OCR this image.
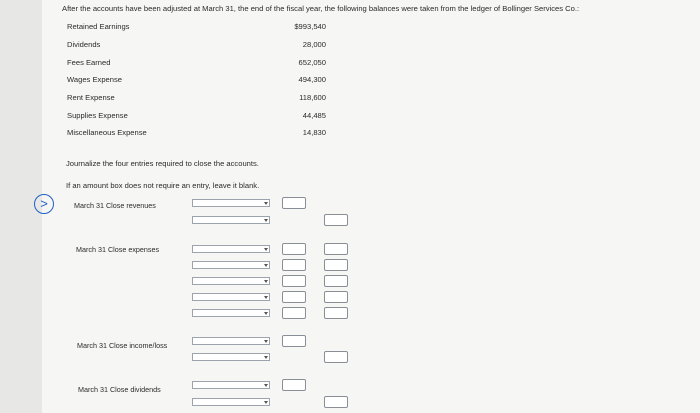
After the accounts have been adjusted at March 31, the end of the fiscal year, the following balances were taken from the ledger of Bollinger Services Co.:
Retained Earnings	$993,540
Dividends	28,000
Fees Earned	652,050
Wages Expense	494,300
Rent Expense	118,600
Supplies Expense	44,485
Miscellaneous Expense	14,830
Journalize the four entries required to close the accounts.
If an amount box does not require an entry, leave it blank.
>	March 31 Close revenues
March 31 Close expenses
March 31 Close income/loss
March 31 Close dividends
